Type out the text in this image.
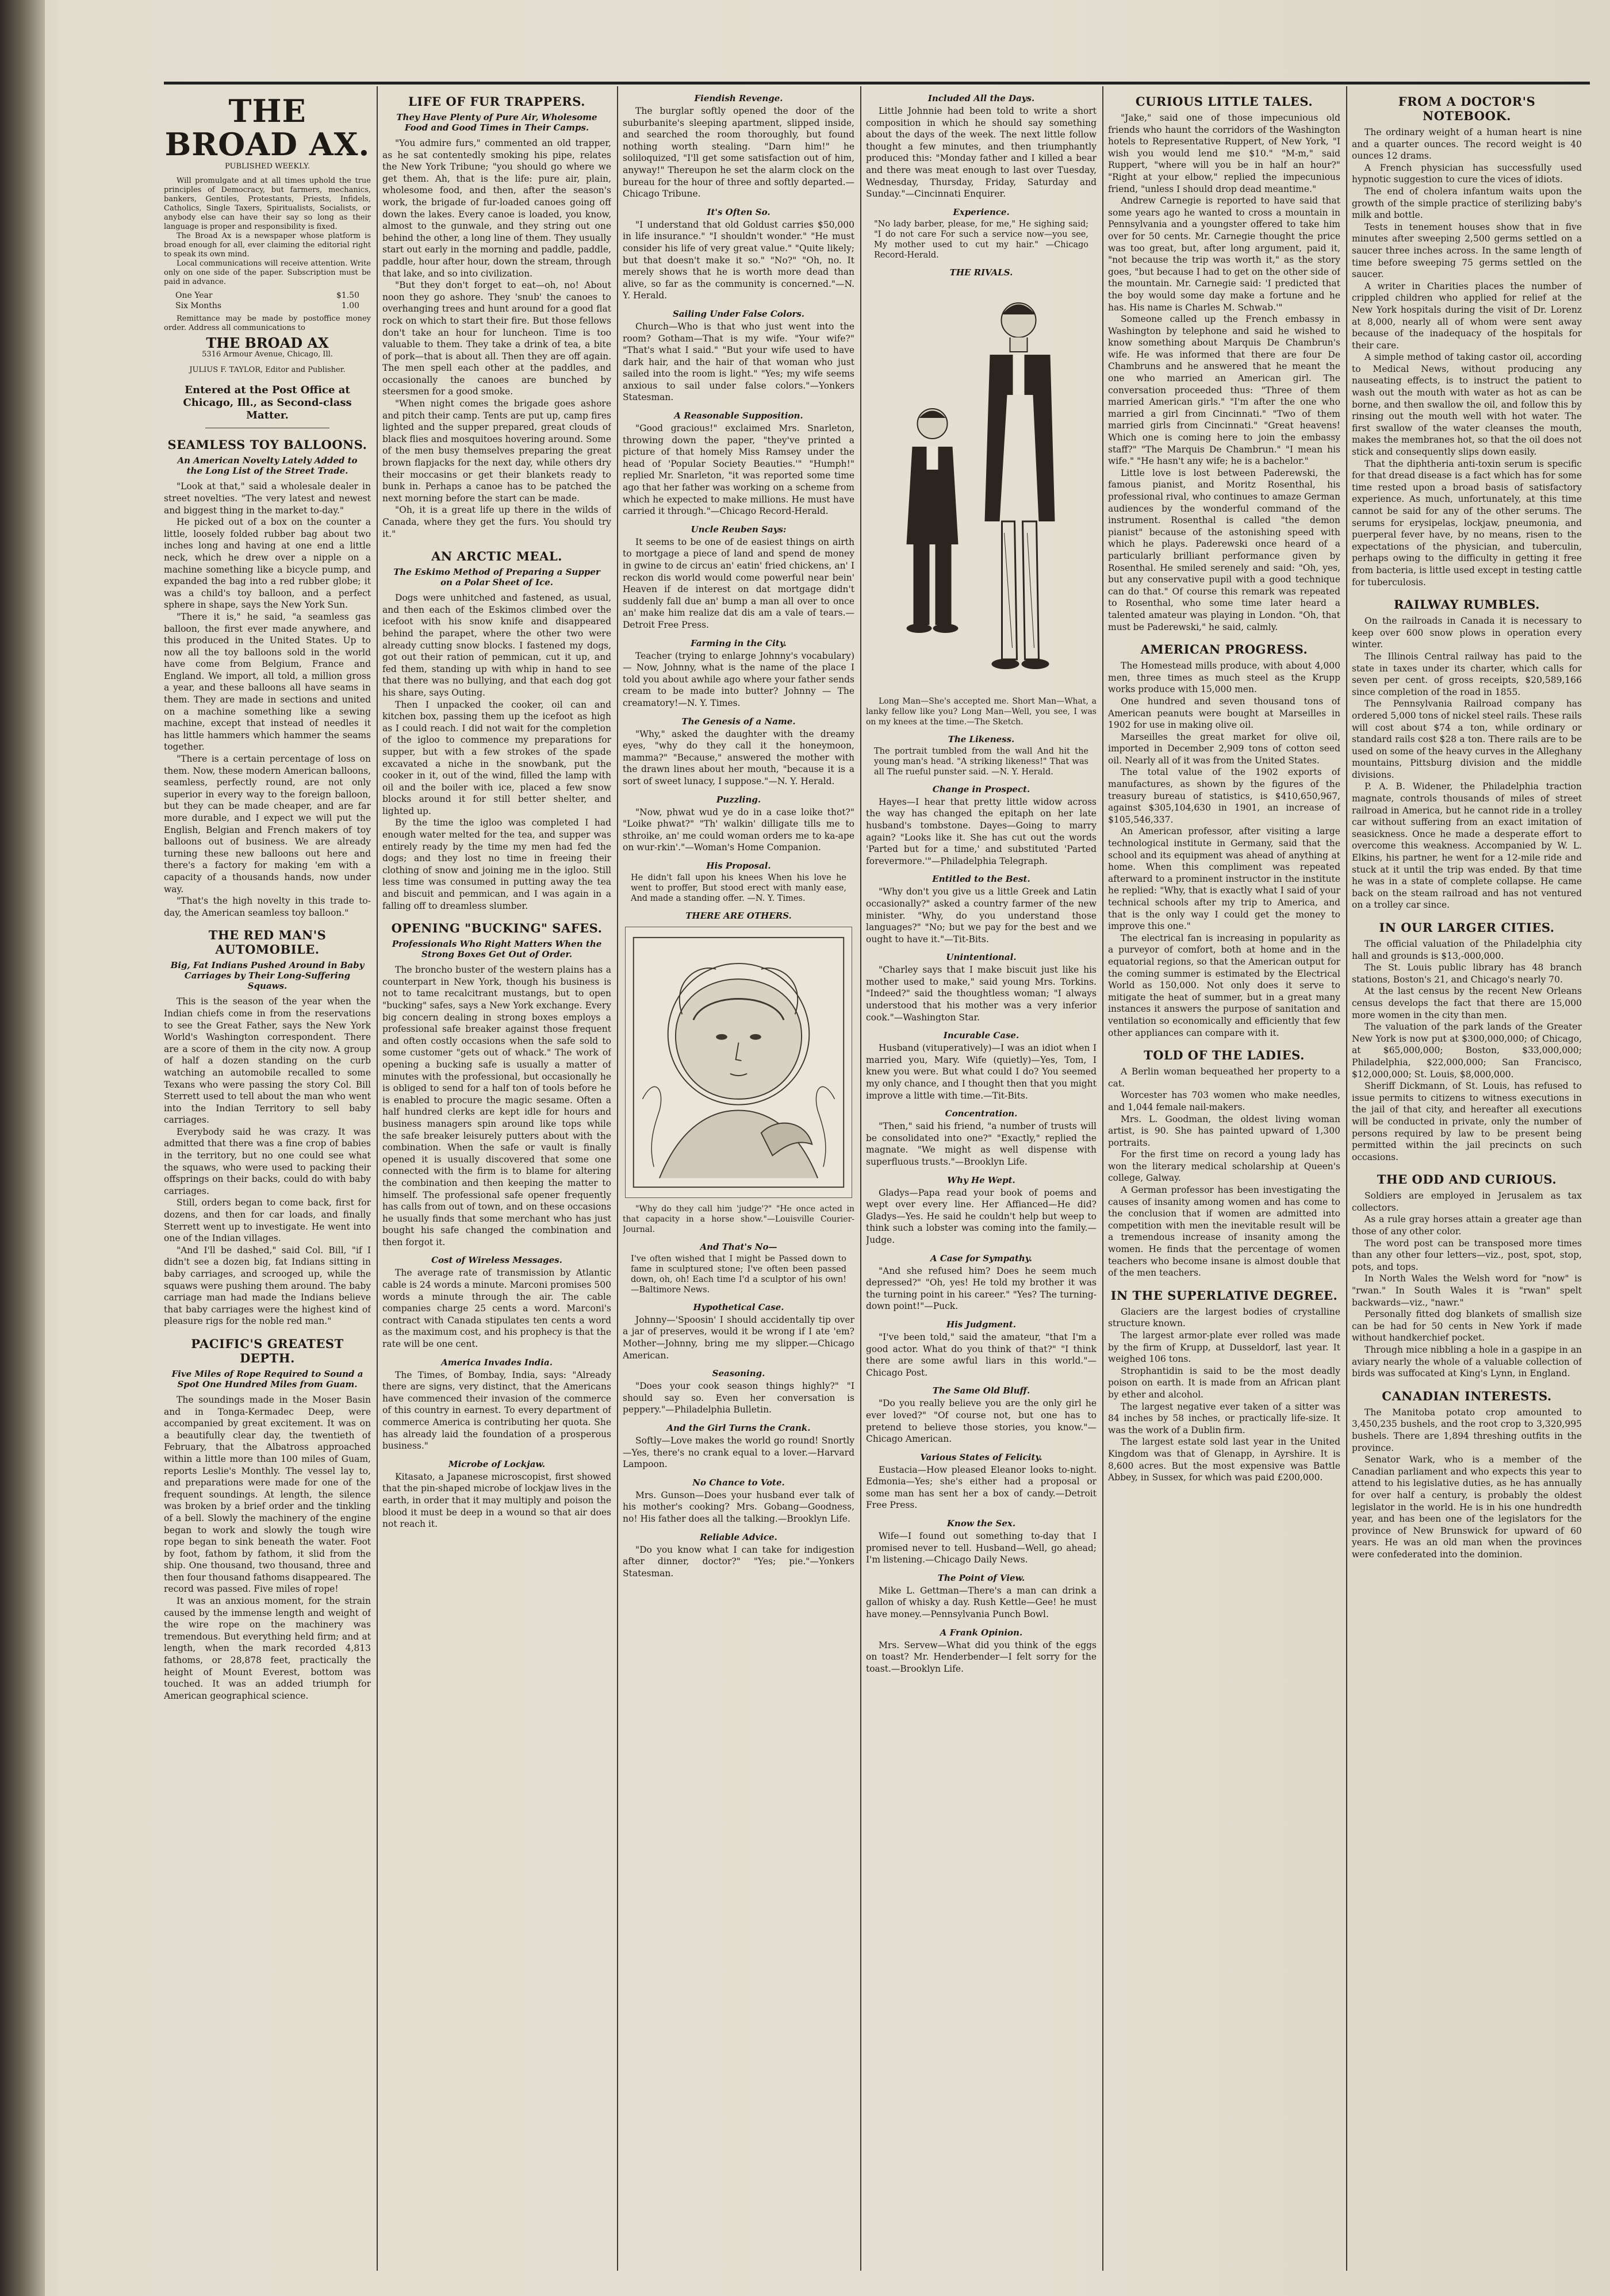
THE BROAD AX.
PUBLISHED WEEKLY.

Will promulgate and at all times uphold the true principles of Democracy, but farmers, mechanics, bankers, Gentiles, Protestants, Priests, Infidels, Catholics, Single Taxers, Spiritualists, Socialists, or anybody else can have their say so long as their language is proper and responsibility is fixed.

The Broad Ax is a newspaper whose platform is broad enough for all, ever claiming the editorial right to speak its own mind.

Local communications will receive attention. Write only on one side of the paper. Subscription must be paid in advance.

One Year	$1.50
Six Months	1.00

Remittance may be made by postoffice money order. Address all communications to

THE BROAD AX
5316 Armour Avenue, Chicago, Ill.
JULIUS F. TAYLOR, Editor and Publisher.
Entered at the Post Office at Chicago, Ill., as Second-class Matter.
SEAMLESS TOY BALLOONS.
An American Novelty Lately Added to the Long List of the Street Trade.

"Look at that," said a wholesale dealer in street novelties. "The very latest and newest and biggest thing in the market to-day."

He picked out of a box on the counter a little, loosely folded rubber bag about two inches long and having at one end a little neck, which he drew over a nipple on a machine something like a bicycle pump, and expanded the bag into a red rubber globe; it was a child's toy balloon, and a perfect sphere in shape, says the New York Sun.

"There it is," he said, "a seamless gas balloon, the first ever made anywhere, and this produced in the United States. Up to now all the toy balloons sold in the world have come from Belgium, France and England. We import, all told, a million gross a year, and these balloons all have seams in them. They are made in sections and united on a machine something like a sewing machine, except that instead of needles it has little hammers which hammer the seams together.

"There is a certain percentage of loss on them. Now, these modern American balloons, seamless, perfectly round, are not only superior in every way to the foreign balloon, but they can be made cheaper, and are far more durable, and I expect we will put the English, Belgian and French makers of toy balloons out of business. We are already turning these new balloons out here and there's a factory for making 'em with a capacity of a thousands hands, now under way.

"That's the high novelty in this trade to-day, the American seamless toy balloon."

THE RED MAN'S AUTOMOBILE.
Big, Fat Indians Pushed Around in Baby Carriages by Their Long-Suffering Squaws.

This is the season of the year when the Indian chiefs come in from the reservations to see the Great Father, says the New York World's Washington correspondent. There are a score of them in the city now. A group of half a dozen standing on the curb watching an automobile recalled to some Texans who were passing the story Col. Bill Sterrett used to tell about the man who went into the Indian Territory to sell baby carriages.

Everybody said he was crazy. It was admitted that there was a fine crop of babies in the territory, but no one could see what the squaws, who were used to packing their offsprings on their backs, could do with baby carriages.

Still, orders began to come back, first for dozens, and then for car loads, and finally Sterrett went up to investigate. He went into one of the Indian villages.

"And I'll be dashed," said Col. Bill, "if I didn't see a dozen big, fat Indians sitting in baby carriages, and scrooged up, while the squaws were pushing them around. The baby carriage man had made the Indians believe that baby carriages were the highest kind of pleasure rigs for the noble red man."

PACIFIC'S GREATEST DEPTH.
Five Miles of Rope Required to Sound a Spot One Hundred Miles from Guam.

The soundings made in the Moser Basin and in Tonga-Kermadec Deep, were accompanied by great excitement. It was on a beautifully clear day, the twentieth of February, that the Albatross approached within a little more than 100 miles of Guam, reports Leslie's Monthly. The vessel lay to, and preparations were made for one of the frequent soundings. At length, the silence was broken by a brief order and the tinkling of a bell. Slowly the machinery of the engine began to work and slowly the tough wire rope began to sink beneath the water. Foot by foot, fathom by fathom, it slid from the ship. One thousand, two thousand, three and then four thousand fathoms disappeared. The record was passed. Five miles of rope!

It was an anxious moment, for the strain caused by the immense length and weight of the wire rope on the machinery was tremendous. But everything held firm; and at length, when the mark recorded 4,813 fathoms, or 28,878 feet, practically the height of Mount Everest, bottom was touched. It was an added triumph for American geographical science.

LIFE OF FUR TRAPPERS.
They Have Plenty of Pure Air, Wholesome Food and Good Times in Their Camps.

"You admire furs," commented an old trapper, as he sat contentedly smoking his pipe, relates the New York Tribune; "you should go where we get them. Ah, that is the life: pure air, plain, wholesome food, and then, after the season's work, the brigade of fur-loaded canoes going off down the lakes. Every canoe is loaded, you know, almost to the gunwale, and they string out one behind the other, a long line of them. They usually start out early in the morning and paddle, paddle, paddle, hour after hour, down the stream, through that lake, and so into civilization.

"But they don't forget to eat—oh, no! About noon they go ashore. They 'snub' the canoes to overhanging trees and hunt around for a good flat rock on which to start their fire. But those fellows don't take an hour for luncheon. Time is too valuable to them. They take a drink of tea, a bite of pork—that is about all. Then they are off again. The men spell each other at the paddles, and occasionally the canoes are bunched by steersmen for a good smoke.

"When night comes the brigade goes ashore and pitch their camp. Tents are put up, camp fires lighted and the supper prepared, great clouds of black flies and mosquitoes hovering around. Some of the men busy themselves preparing the great brown flapjacks for the next day, while others dry their moccasins or get their blankets ready to bunk in. Perhaps a canoe has to be patched the next morning before the start can be made.

"Oh, it is a great life up there in the wilds of Canada, where they get the furs. You should try it."

AN ARCTIC MEAL.
The Eskimo Method of Preparing a Supper on a Polar Sheet of Ice.

Dogs were unhitched and fastened, as usual, and then each of the Eskimos climbed over the icefoot with his snow knife and disappeared behind the parapet, where the other two were already cutting snow blocks. I fastened my dogs, got out their ration of pemmican, cut it up, and fed them, standing up with whip in hand to see that there was no bullying, and that each dog got his share, says Outing.

Then I unpacked the cooker, oil can and kitchen box, passing them up the icefoot as high as I could reach. I did not wait for the completion of the igloo to commence my preparations for supper, but with a few strokes of the spade excavated a niche in the snowbank, put the cooker in it, out of the wind, filled the lamp with oil and the boiler with ice, placed a few snow blocks around it for still better shelter, and lighted up.

By the time the igloo was completed I had enough water melted for the tea, and supper was entirely ready by the time my men had fed the dogs; and they lost no time in freeing their clothing of snow and joining me in the igloo. Still less time was consumed in putting away the tea and biscuit and pemmican, and I was again in a falling off to dreamless slumber.

OPENING "BUCKING" SAFES.
Professionals Who Right Matters When the Strong Boxes Get Out of Order.

The broncho buster of the western plains has a counterpart in New York, though his business is not to tame recalcitrant mustangs, but to open "bucking" safes, says a New York exchange. Every big concern dealing in strong boxes employs a professional safe breaker against those frequent and often costly occasions when the safe sold to some customer "gets out of whack." The work of opening a bucking safe is usually a matter of minutes with the professional, but occasionally he is obliged to send for a half ton of tools before he is enabled to procure the magic sesame. Often a half hundred clerks are kept idle for hours and business managers spin around like tops while the safe breaker leisurely putters about with the combination. When the safe or vault is finally opened it is usually discovered that some one connected with the firm is to blame for altering the combination and then keeping the matter to himself. The professional safe opener frequently has calls from out of town, and on these occasions he usually finds that some merchant who has just bought his safe changed the combination and then forgot it.

Cost of Wireless Messages.

The average rate of transmission by Atlantic cable is 24 words a minute. Marconi promises 500 words a minute through the air. The cable companies charge 25 cents a word. Marconi's contract with Canada stipulates ten cents a word as the maximum cost, and his prophecy is that the rate will be one cent.

America Invades India.

The Times, of Bombay, India, says: "Already there are signs, very distinct, that the Americans have commenced their invasion of the commerce of this country in earnest. To every department of commerce America is contributing her quota. She has already laid the foundation of a prosperous business."

Microbe of Lockjaw.

Kitasato, a Japanese microscopist, first showed that the pin-shaped microbe of lockjaw lives in the earth, in order that it may multiply and poison the blood it must be deep in a wound so that air does not reach it.

Fiendish Revenge.

The burglar softly opened the door of the suburbanite's sleeping apartment, slipped inside, and searched the room thoroughly, but found nothing worth stealing. "Darn him!" he soliloquized, "I'll get some satisfaction out of him, anyway!" Thereupon he set the alarm clock on the bureau for the hour of three and softly departed.—Chicago Tribune.

It's Often So.

"I understand that old Goldust carries $50,000 in life insurance." "I shouldn't wonder." "He must consider his life of very great value." "Quite likely; but that doesn't make it so." "No?" "Oh, no. It merely shows that he is worth more dead than alive, so far as the community is concerned."—N. Y. Herald.

Sailing Under False Colors.

Church—Who is that who just went into the room? Gotham—That is my wife. "Your wife?" "That's what I said." "But your wife used to have dark hair, and the hair of that woman who just sailed into the room is light." "Yes; my wife seems anxious to sail under false colors."—Yonkers Statesman.

A Reasonable Supposition.

"Good gracious!" exclaimed Mrs. Snarleton, throwing down the paper, "they've printed a picture of that homely Miss Ramsey under the head of 'Popular Society Beauties.'" "Humph!" replied Mr. Snarleton, "it was reported some time ago that her father was working on a scheme from which he expected to make millions. He must have carried it through."—Chicago Record-Herald.

Uncle Reuben Says:

It seems to be one of de easiest things on airth to mortgage a piece of land and spend de money in gwine to de circus an' eatin' fried chickens, an' I reckon dis world would come powerful near bein' Heaven if de interest on dat mortgage didn't suddenly fall due an' bump a man all over to once an' make him realize dat dis am a vale of tears.—Detroit Free Press.

Farming in the City.

Teacher (trying to enlarge Johnny's vocabulary) — Now, Johnny, what is the name of the place I told you about awhile ago where your father sends cream to be made into butter? Johnny — The creamatory!—N. Y. Times.

The Genesis of a Name.

"Why," asked the daughter with the dreamy eyes, "why do they call it the honeymoon, mamma?" "Because," answered the mother with the drawn lines about her mouth, "because it is a sort of sweet lunacy, I suppose."—N. Y. Herald.

Puzzling.

"Now, phwat wud ye do in a case loike thot?" "Loike phwat?" "Th' walkin' dilligate tills me to sthroike, an' me could woman orders me to ka-ape on wur-rkin'."—Woman's Home Companion.

His Proposal.

He didn't fall upon his knees When his love he went to proffer, But stood erect with manly ease, And made a standing offer. —N. Y. Times.

THERE ARE OTHERS.

"Why do they call him 'judge'?" "He once acted in that capacity in a horse show."—Louisville Courier-Journal.

And That's No—

I've often wished that I might be Passed down to fame in sculptured stone; I've often been passed down, oh, oh! Each time I'd a sculptor of his own! —Baltimore News.

Hypothetical Case.

Johnny—'Spoosin' I should accidentally tip over a jar of preserves, would it be wrong if I ate 'em? Mother—Johnny, bring me my slipper.—Chicago American.

Seasoning.

"Does your cook season things highly?" "I should say so. Even her conversation is peppery."—Philadelphia Bulletin.

And the Girl Turns the Crank.

Softly—Love makes the world go round! Snortly—Yes, there's no crank equal to a lover.—Harvard Lampoon.

No Chance to Vote.

Mrs. Gunson—Does your husband ever talk of his mother's cooking? Mrs. Gobang—Goodness, no! His father does all the talking.—Brooklyn Life.

Reliable Advice.

"Do you know what I can take for indigestion after dinner, doctor?" "Yes; pie."—Yonkers Statesman.

Included All the Days.

Little Johnnie had been told to write a short composition in which he should say something about the days of the week. The next little follow thought a few minutes, and then triumphantly produced this: "Monday father and I killed a bear and there was meat enough to last over Tuesday, Wednesday, Thursday, Friday, Saturday and Sunday."—Cincinnati Enquirer.

Experience.

"No lady barber, please, for me," He sighing said; "I do not care For such a service now—you see, My mother used to cut my hair." —Chicago Record-Herald.

THE RIVALS.

Long Man—She's accepted me. Short Man—What, a lanky fellow like you? Long Man—Well, you see, I was on my knees at the time.—The Sketch.

The Likeness.

The portrait tumbled from the wall And hit the young man's head. "A striking likeness!" That was all The rueful punster said. —N. Y. Herald.

Change in Prospect.

Hayes—I hear that pretty little widow across the way has changed the epitaph on her late husband's tombstone. Dayes—Going to marry again? "Looks like it. She has cut out the words 'Parted but for a time,' and substituted 'Parted forevermore.'"—Philadelphia Telegraph.

Entitled to the Best.

"Why don't you give us a little Greek and Latin occasionally?" asked a country farmer of the new minister. "Why, do you understand those languages?" "No; but we pay for the best and we ought to have it."—Tit-Bits.

Unintentional.

"Charley says that I make biscuit just like his mother used to make," said young Mrs. Torkins. "Indeed?" said the thoughtless woman; "I always understood that his mother was a very inferior cook."—Washington Star.

Incurable Case.

Husband (vituperatively)—I was an idiot when I married you, Mary. Wife (quietly)—Yes, Tom, I knew you were. But what could I do? You seemed my only chance, and I thought then that you might improve a little with time.—Tit-Bits.

Concentration.

"Then," said his friend, "a number of trusts will be consolidated into one?" "Exactly," replied the magnate. "We might as well dispense with superfluous trusts."—Brooklyn Life.

Why He Wept.

Gladys—Papa read your book of poems and wept over every line. Her Affianced—He did? Gladys—Yes. He said he couldn't help but weep to think such a lobster was coming into the family.—Judge.

A Case for Sympathy.

"And she refused him? Does he seem much depressed?" "Oh, yes! He told my brother it was the turning point in his career." "Yes? The turning-down point!"—Puck.

His Judgment.

"I've been told," said the amateur, "that I'm a good actor. What do you think of that?" "I think there are some awful liars in this world."—Chicago Post.

The Same Old Bluff.

"Do you really believe you are the only girl he ever loved?" "Of course not, but one has to pretend to believe those stories, you know."—Chicago American.

Various States of Felicity.

Eustacia—How pleased Eleanor looks to-night. Edmonia—Yes; she's either had a proposal or some man has sent her a box of candy.—Detroit Free Press.

Know the Sex.

Wife—I found out something to-day that I promised never to tell. Husband—Well, go ahead; I'm listening.—Chicago Daily News.

The Point of View.

Mike L. Gettman—There's a man can drink a gallon of whisky a day. Rush Kettle—Gee! he must have money.—Pennsylvania Punch Bowl.

A Frank Opinion.

Mrs. Servew—What did you think of the eggs on toast? Mr. Henderbender—I felt sorry for the toast.—Brooklyn Life.

CURIOUS LITTLE TALES.

"Jake," said one of those impecunious old friends who haunt the corridors of the Washington hotels to Representative Ruppert, of New York, "I wish you would lend me $10." "M-m," said Ruppert, "where will you be in half an hour?" "Right at your elbow," replied the impecunious friend, "unless I should drop dead meantime."

Andrew Carnegie is reported to have said that some years ago he wanted to cross a mountain in Pennsylvania and a youngster offered to take him over for 50 cents. Mr. Carnegie thought the price was too great, but, after long argument, paid it, "not because the trip was worth it," as the story goes, "but because I had to get on the other side of the mountain. Mr. Carnegie said: 'I predicted that the boy would some day make a fortune and he has. His name is Charles M. Schwab.'"

Someone called up the French embassy in Washington by telephone and said he wished to know something about Marquis De Chambrun's wife. He was informed that there are four De Chambruns and he answered that he meant the one who married an American girl. The conversation proceeded thus: "Three of them married American girls." "I'm after the one who married a girl from Cincinnati." "Two of them married girls from Cincinnati." "Great heavens! Which one is coming here to join the embassy staff?" "The Marquis De Chambrun." "I mean his wife." "He hasn't any wife; he is a bachelor."

Little love is lost between Paderewski, the famous pianist, and Moritz Rosenthal, his professional rival, who continues to amaze German audiences by the wonderful command of the instrument. Rosenthal is called "the demon pianist" because of the astonishing speed with which he plays. Paderewski once heard of a particularly brilliant performance given by Rosenthal. He smiled serenely and said: "Oh, yes, but any conservative pupil with a good technique can do that." Of course this remark was repeated to Rosenthal, who some time later heard a talented amateur was playing in London. "Oh, that must be Paderewski," he said, calmly.

AMERICAN PROGRESS.

The Homestead mills produce, with about 4,000 men, three times as much steel as the Krupp works produce with 15,000 men.

One hundred and seven thousand tons of American peanuts were bought at Marseilles in 1902 for use in making olive oil.

Marseilles the great market for olive oil, imported in December 2,909 tons of cotton seed oil. Nearly all of it was from the United States.

The total value of the 1902 exports of manufactures, as shown by the figures of the treasury bureau of statistics, is $410,650,967, against $305,104,630 in 1901, an increase of $105,546,337.

An American professor, after visiting a large technological institute in Germany, said that the school and its equipment was ahead of anything at home. When this compliment was repeated afterward to a prominent instructor in the institute he replied: "Why, that is exactly what I said of your technical schools after my trip to America, and that is the only way I could get the money to improve this one."

The electrical fan is increasing in popularity as a purveyor of comfort, both at home and in the equatorial regions, so that the American output for the coming summer is estimated by the Electrical World as 150,000. Not only does it serve to mitigate the heat of summer, but in a great many instances it answers the purpose of sanitation and ventilation so economically and efficiently that few other appliances can compare with it.

TOLD OF THE LADIES.

A Berlin woman bequeathed her property to a cat.

Worcester has 703 women who make needles, and 1,044 female nail-makers.

Mrs. L. Goodman, the oldest living woman artist, is 90. She has painted upward of 1,300 portraits.

For the first time on record a young lady has won the literary medical scholarship at Queen's college, Galway.

A German professor has been investigating the causes of insanity among women and has come to the conclusion that if women are admitted into competition with men the inevitable result will be a tremendous increase of insanity among the women. He finds that the percentage of women teachers who become insane is almost double that of the men teachers.

IN THE SUPERLATIVE DEGREE.

Glaciers are the largest bodies of crystalline structure known.

The largest armor-plate ever rolled was made by the firm of Krupp, at Dusseldorf, last year. It weighed 106 tons.

Strophantidin is said to be the most deadly poison on earth. It is made from an African plant by ether and alcohol.

The largest negative ever taken of a sitter was 84 inches by 58 inches, or practically life-size. It was the work of a Dublin firm.

The largest estate sold last year in the United Kingdom was that of Glenapp, in Ayrshire. It is 8,600 acres. But the most expensive was Battle Abbey, in Sussex, for which was paid £200,000.

FROM A DOCTOR'S NOTEBOOK.

The ordinary weight of a human heart is nine and a quarter ounces. The record weight is 40 ounces 12 drams.

A French physician has successfully used hypnotic suggestion to cure the vices of idiots.

The end of cholera infantum waits upon the growth of the simple practice of sterilizing baby's milk and bottle.

Tests in tenement houses show that in five minutes after sweeping 2,500 germs settled on a saucer three inches across. In the same length of time before sweeping 75 germs settled on the saucer.

A writer in Charities places the number of crippled children who applied for relief at the New York hospitals during the visit of Dr. Lorenz at 8,000, nearly all of whom were sent away because of the inadequacy of the hospitals for their care.

A simple method of taking castor oil, according to Medical News, without producing any nauseating effects, is to instruct the patient to wash out the mouth with water as hot as can be borne, and then swallow the oil, and follow this by rinsing out the mouth well with hot water. The first swallow of the water cleanses the mouth, makes the membranes hot, so that the oil does not stick and consequently slips down easily.

That the diphtheria anti-toxin serum is specific for that dread disease is a fact which has for some time rested upon a broad basis of satisfactory experience. As much, unfortunately, at this time cannot be said for any of the other serums. The serums for erysipelas, lockjaw, pneumonia, and puerperal fever have, by no means, risen to the expectations of the physician, and tuberculin, perhaps owing to the difficulty in getting it free from bacteria, is little used except in testing cattle for tuberculosis.

RAILWAY RUMBLES.

On the railroads in Canada it is necessary to keep over 600 snow plows in operation every winter.

The Illinois Central railway has paid to the state in taxes under its charter, which calls for seven per cent. of gross receipts, $20,589,166 since completion of the road in 1855.

The Pennsylvania Railroad company has ordered 5,000 tons of nickel steel rails. These rails will cost about $74 a ton, while ordinary or standard rails cost $28 a ton. There rails are to be used on some of the heavy curves in the Alleghany mountains, Pittsburg division and the middle divisions.

P. A. B. Widener, the Philadelphia traction magnate, controls thousands of miles of street railroad in America, but he cannot ride in a trolley car without suffering from an exact imitation of seasickness. Once he made a desperate effort to overcome this weakness. Accompanied by W. L. Elkins, his partner, he went for a 12-mile ride and stuck at it until the trip was ended. By that time he was in a state of complete collapse. He came back on the steam railroad and has not ventured on a trolley car since.

IN OUR LARGER CITIES.

The official valuation of the Philadelphia city hall and grounds is $13,-000,000.

The St. Louis public library has 48 branch stations, Boston's 21, and Chicago's nearly 70.

At the last census by the recent New Orleans census develops the fact that there are 15,000 more women in the city than men.

The valuation of the park lands of the Greater New York is now put at $300,000,000; of Chicago, at $65,000,000; Boston, $33,000,000; Philadelphia, $22,000,000; San Francisco, $12,000,000; St. Louis, $8,000,000.

Sheriff Dickmann, of St. Louis, has refused to issue permits to citizens to witness executions in the jail of that city, and hereafter all executions will be conducted in private, only the number of persons required by law to be present being permitted within the jail precincts on such occasions.

THE ODD AND CURIOUS.

Soldiers are employed in Jerusalem as tax collectors.

As a rule gray horses attain a greater age than those of any other color.

The word post can be transposed more times than any other four letters—viz., post, spot, stop, pots, and tops.

In North Wales the Welsh word for "now" is "rwan." In South Wales it is "rwan" spelt backwards—viz., "nawr."

Personally fitted dog blankets of smallish size can be had for 50 cents in New York if made without handkerchief pocket.

Through mice nibbling a hole in a gaspipe in an aviary nearly the whole of a valuable collection of birds was suffocated at King's Lynn, in England.

CANADIAN INTERESTS.

The Manitoba potato crop amounted to 3,450,235 bushels, and the root crop to 3,320,995 bushels. There are 1,894 threshing outfits in the province.

Senator Wark, who is a member of the Canadian parliament and who expects this year to attend to his legislative duties, as he has annually for over half a century, is probably the oldest legislator in the world. He is in his one hundredth year, and has been one of the legislators for the province of New Brunswick for upward of 60 years. He was an old man when the provinces were confederated into the dominion.
